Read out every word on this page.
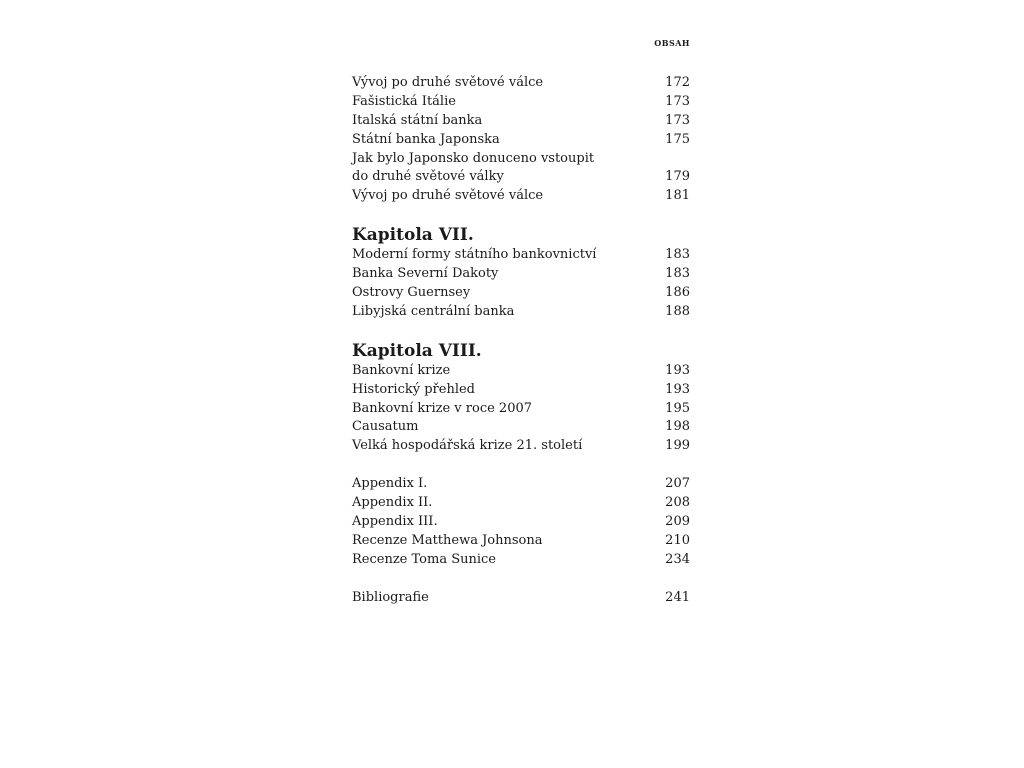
OBSAH
Vývoj po druhé světové válce	172
Fašistická Itálie	173
Italská státní banka	173
Státní banka Japonska	175
Jak bylo Japonsko donuceno vstoupit
do druhé světové války	179
Vývoj po druhé světové válce	181
Kapitola VII.
Moderní formy státního bankovnictví	183
Banka Severní Dakoty	183
Ostrovy Guernsey	186
Libyjská centrální banka	188
Kapitola VIII.
Bankovní krize	193
Historický přehled	193
Bankovní krize v roce 2007	195
Causatum	198
Velká hospodářská krize 21. století	199
Appendix I.	207
Appendix II.	208
Appendix III.	209
Recenze Matthewa Johnsona	210
Recenze Toma Sunice	234
Bibliografie	241
